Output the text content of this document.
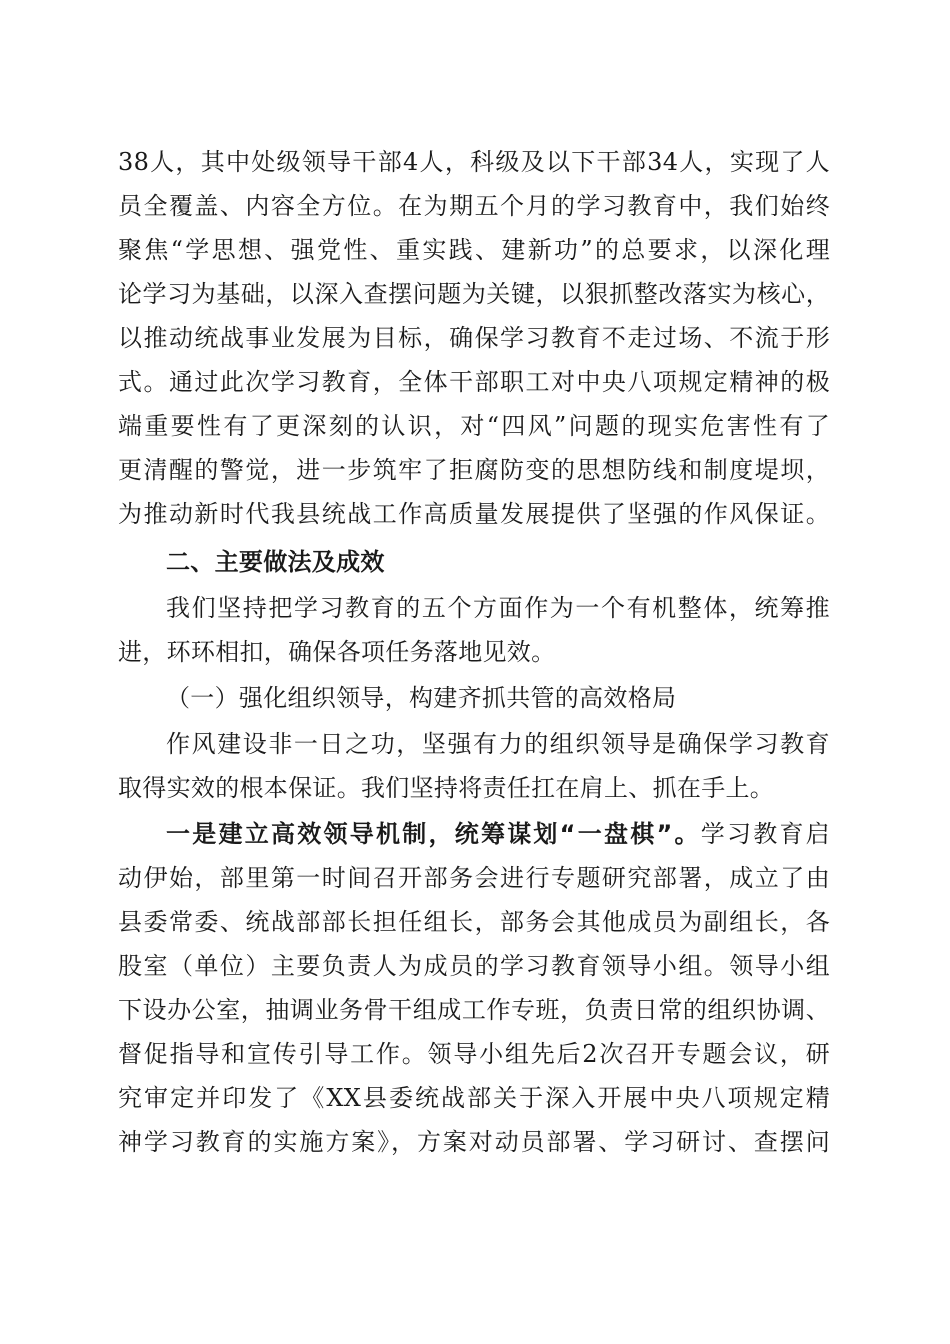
38人，其中处级领导干部4人，科级及以下干部34人，实现了人
员全覆盖、内容全方位。在为期五个月的学习教育中，我们始终
聚焦“学思想、强党性、重实践、建新功”的总要求，以深化理
论学习为基础，以深入查摆问题为关键，以狠抓整改落实为核心，
以推动统战事业发展为目标，确保学习教育不走过场、不流于形
式。通过此次学习教育，全体干部职工对中央八项规定精神的极
端重要性有了更深刻的认识，对“四风”问题的现实危害性有了
更清醒的警觉，进一步筑牢了拒腐防变的思想防线和制度堤坝，
为推动新时代我县统战工作高质量发展提供了坚强的作风保证。
二、主要做法及成效
我们坚持把学习教育的五个方面作为一个有机整体，统筹推
进，环环相扣，确保各项任务落地见效。
（一）强化组织领导，构建齐抓共管的高效格局
作风建设非一日之功，坚强有力的组织领导是确保学习教育
取得实效的根本保证。我们坚持将责任扛在肩上、抓在手上。
一是建立高效领导机制，统筹谋划“一盘棋”。学习教育启
动伊始，部里第一时间召开部务会进行专题研究部署，成立了由
县委常委、统战部部长担任组长，部务会其他成员为副组长，各
股室（单位）主要负责人为成员的学习教育领导小组。领导小组
下设办公室，抽调业务骨干组成工作专班，负责日常的组织协调、
督促指导和宣传引导工作。领导小组先后2次召开专题会议，研
究审定并印发了《XX县委统战部关于深入开展中央八项规定精
神学习教育的实施方案》，方案对动员部署、学习研讨、查摆问
